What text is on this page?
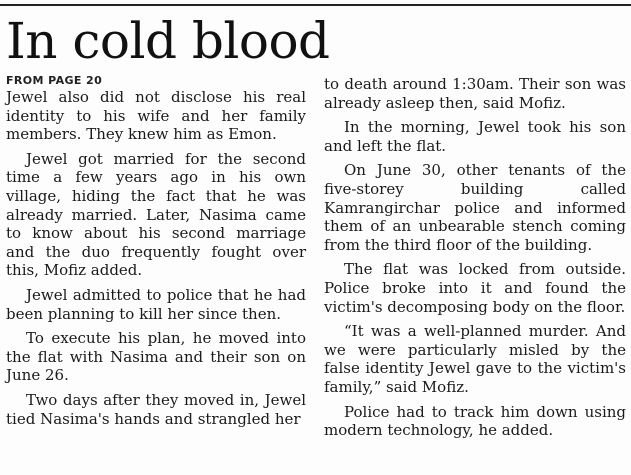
In cold blood
FROM PAGE 20

Jewel also did not disclose his real identity to his wife and her family members. They knew him as Emon.

Jewel got married for the second time a few years ago in his own village, hiding the fact that he was already married. Later, Nasima came to know about his second marriage and the duo frequently fought over this, Mofiz added.

Jewel admitted to police that he had been planning to kill her since then.

To execute his plan, he moved into the flat with Nasima and their son on June 26.

Two days after they moved in, Jewel tied Nasima's hands and strangled her

to death around 1:30am. Their son was already asleep then, said Mofiz.

In the morning, Jewel took his son and left the flat.

On June 30, other tenants of the five-storey building called Kamrangirchar police and informed them of an unbearable stench coming from the third floor of the building.

The flat was locked from outside. Police broke into it and found the victim's decomposing body on the floor.

“It was a well-planned murder. And we were particularly misled by the false identity Jewel gave to the victim's family,” said Mofiz.

Police had to track him down using modern technology, he added.
